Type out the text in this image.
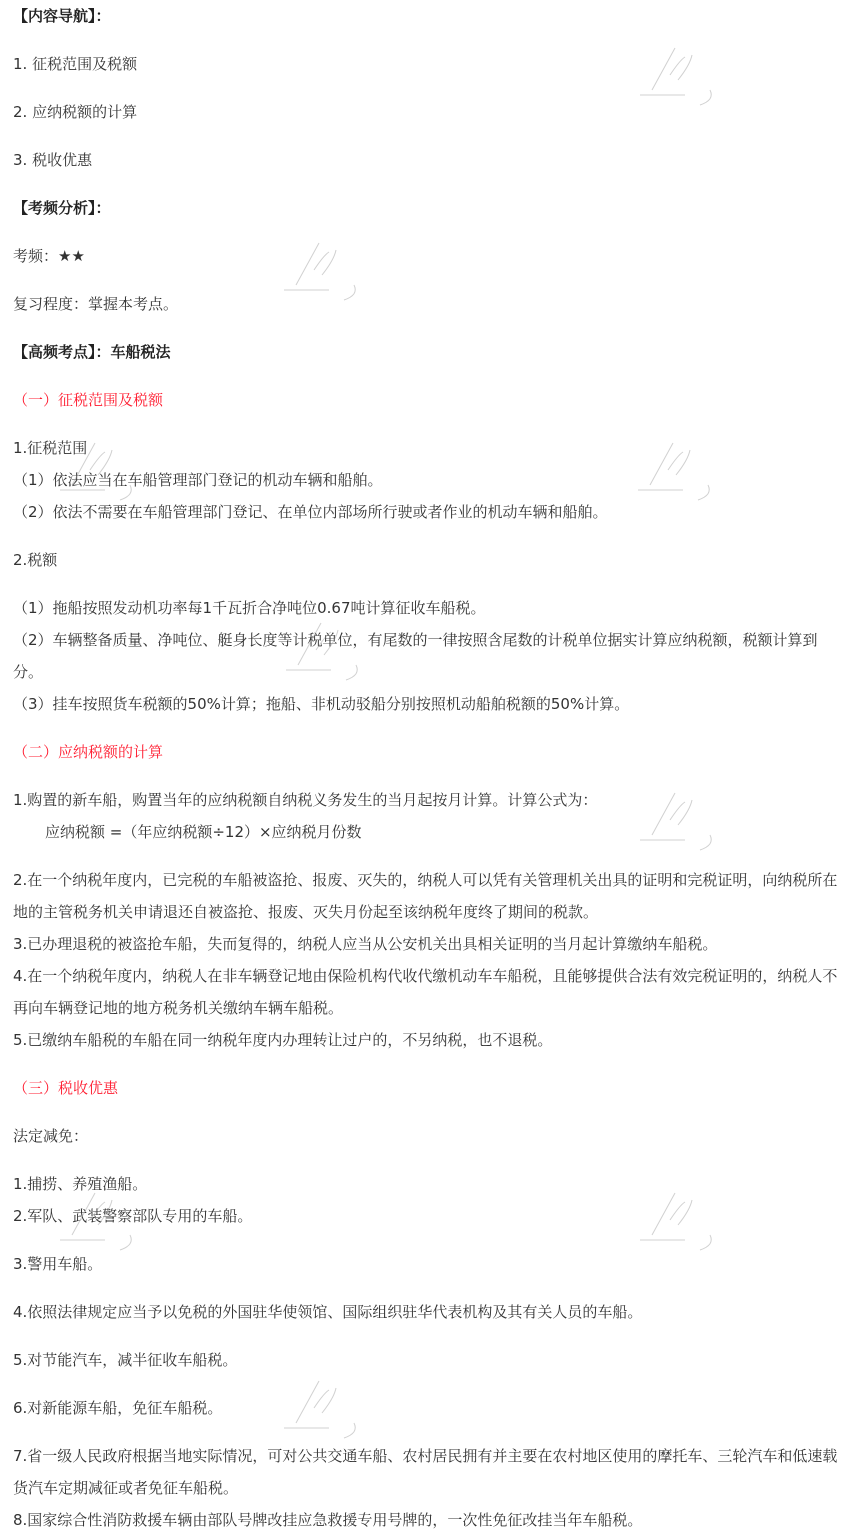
【内容导航】：

1. 征税范围及税额

2. 应纳税额的计算

3. 税收优惠

【考频分析】：

考频：★★

复习程度：掌握本考点。

【高频考点】：车船税法

（一）征税范围及税额

1.征税范围
（1）依法应当在车船管理部门登记的机动车辆和船舶。
（2）依法不需要在车船管理部门登记、在单位内部场所行驶或者作业的机动车辆和船舶。

2.税额

（1）拖船按照发动机功率每1千瓦折合净吨位0.67吨计算征收车船税。
（2）车辆整备质量、净吨位、艇身长度等计税单位，有尾数的一律按照含尾数的计税单位据实计算应纳税额，税额计算到分。
（3）挂车按照货车税额的50%计算；拖船、非机动驳船分别按照机动船舶税额的50%计算。

（二）应纳税额的计算

1.购置的新车船，购置当年的应纳税额自纳税义务发生的当月起按月计算。计算公式为：
应纳税额 =（年应纳税额÷12）×应纳税月份数

2.在一个纳税年度内，已完税的车船被盗抢、报废、灭失的，纳税人可以凭有关管理机关出具的证明和完税证明，向纳税所在地的主管税务机关申请退还自被盗抢、报废、灭失月份起至该纳税年度终了期间的税款。
3.已办理退税的被盗抢车船，失而复得的，纳税人应当从公安机关出具相关证明的当月起计算缴纳车船税。
4.在一个纳税年度内，纳税人在非车辆登记地由保险机构代收代缴机动车车船税，且能够提供合法有效完税证明的，纳税人不再向车辆登记地的地方税务机关缴纳车辆车船税。
5.已缴纳车船税的车船在同一纳税年度内办理转让过户的，不另纳税，也不退税。

（三）税收优惠

法定减免：

1.捕捞、养殖渔船。
2.军队、武装警察部队专用的车船。

3.警用车船。

4.依照法律规定应当予以免税的外国驻华使领馆、国际组织驻华代表机构及其有关人员的车船。

5.对节能汽车，减半征收车船税。

6.对新能源车船，免征车船税。

7.省一级人民政府根据当地实际情况，可对公共交通车船、农村居民拥有并主要在农村地区使用的摩托车、三轮汽车和低速载货汽车定期减征或者免征车船税。
8.国家综合性消防救援车辆由部队号牌改挂应急救援专用号牌的，一次性免征改挂当年车船税。
